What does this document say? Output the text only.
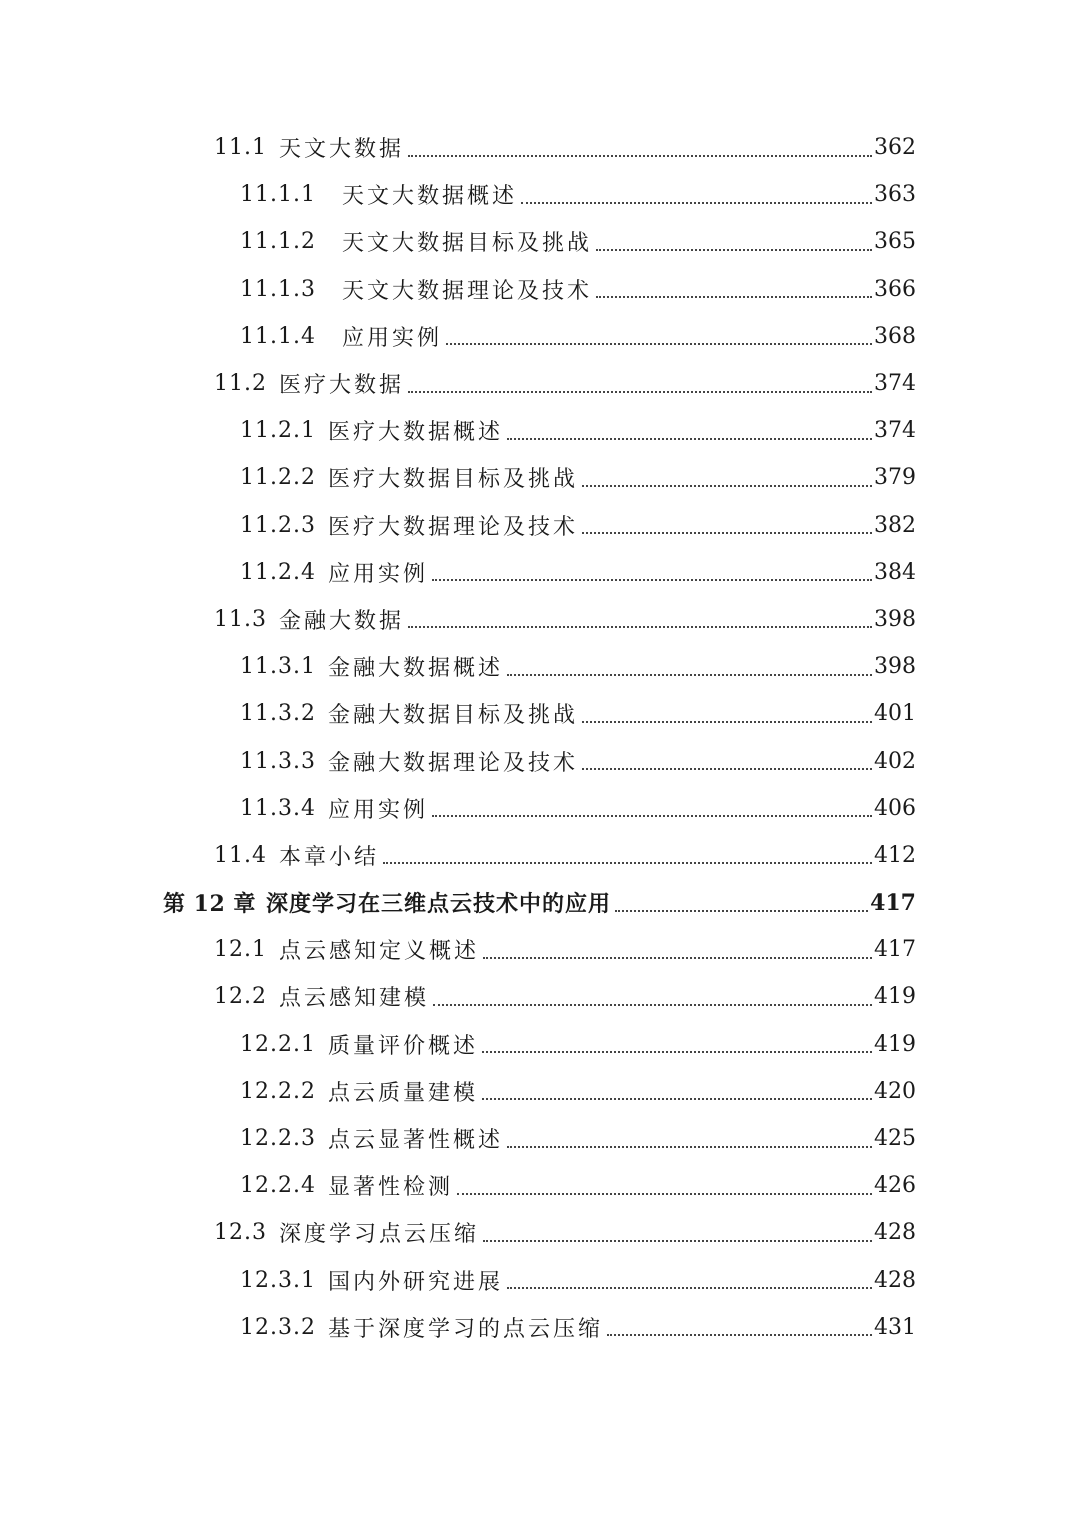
11.1 天文大数据	362
11.1.1 天文大数据概述	363
11.1.2 天文大数据目标及挑战	365
11.1.3 天文大数据理论及技术	366
11.1.4 应用实例	368
11.2 医疗大数据	374
11.2.1 医疗大数据概述	374
11.2.2 医疗大数据目标及挑战	379
11.2.3 医疗大数据理论及技术	382
11.2.4 应用实例	384
11.3 金融大数据	398
11.3.1 金融大数据概述	398
11.3.2 金融大数据目标及挑战	401
11.3.3 金融大数据理论及技术	402
11.3.4 应用实例	406
11.4 本章小结	412
第 12 章 深度学习在三维点云技术中的应用	417
12.1 点云感知定义概述	417
12.2 点云感知建模	419
12.2.1 质量评价概述	419
12.2.2 点云质量建模	420
12.2.3 点云显著性概述	425
12.2.4 显著性检测	426
12.3 深度学习点云压缩	428
12.3.1 国内外研究进展	428
12.3.2 基于深度学习的点云压缩	431
